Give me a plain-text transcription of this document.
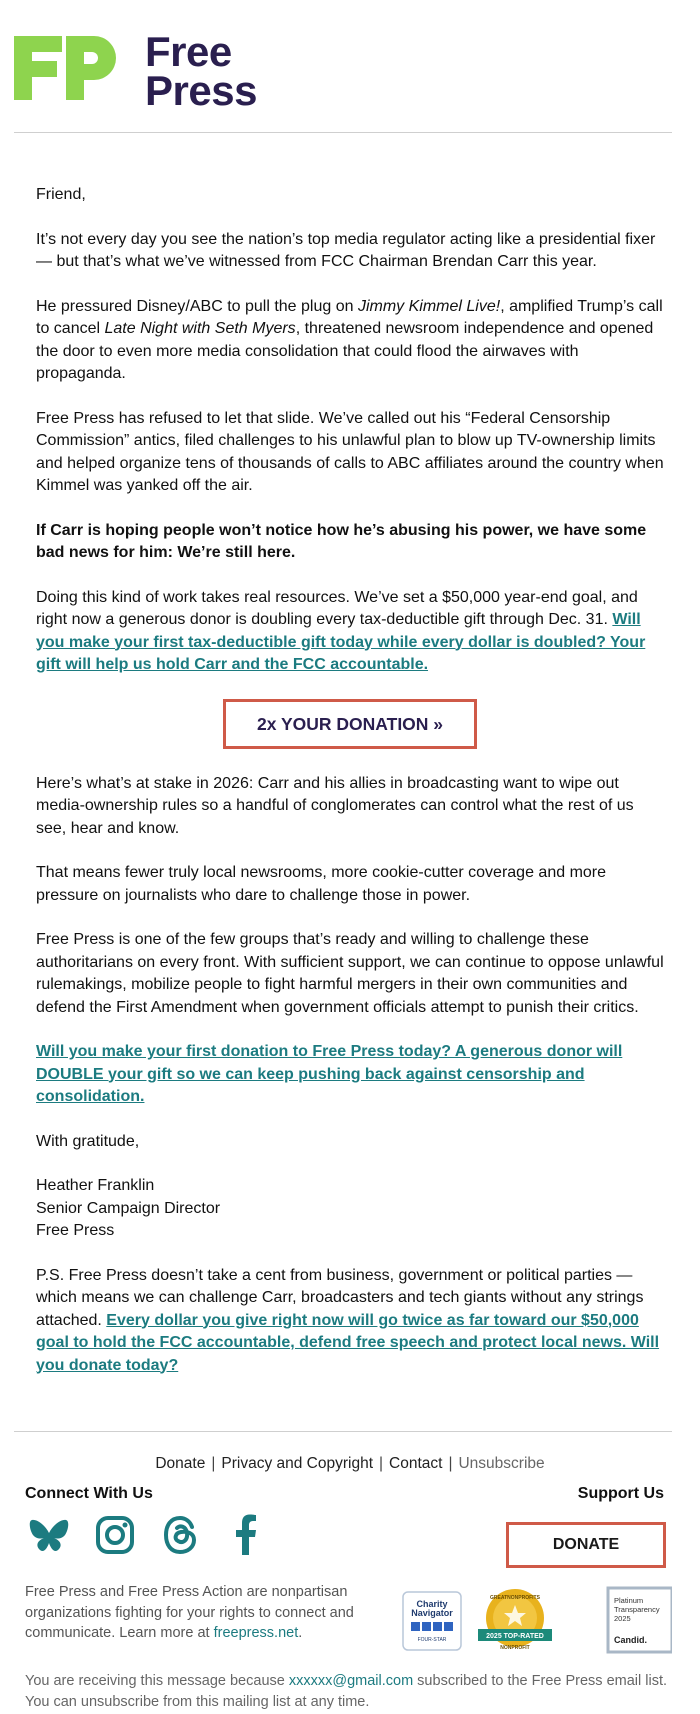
Free
Press

Friend,

It’s not every day you see the nation’s top media regulator acting like a presidential fixer — but that’s what we’ve witnessed from FCC Chairman Brendan Carr this year.

He pressured Disney/ABC to pull the plug on Jimmy Kimmel Live!, amplified Trump’s call to cancel Late Night with Seth Myers, threatened newsroom independence and opened the door to even more media consolidation that could flood the airwaves with propaganda.

Free Press has refused to let that slide. We’ve called out his “Federal Censorship Commission” antics, filed challenges to his unlawful plan to blow up TV-ownership limits and helped organize tens of thousands of calls to ABC affiliates around the country when Kimmel was yanked off the air.

If Carr is hoping people won’t notice how he’s abusing his power, we have some bad news for him: We’re still here.

Doing this kind of work takes real resources. We’ve set a $50,000 year-end goal, and right now a generous donor is doubling every tax-deductible gift through Dec. 31. Will you make your first tax-deductible gift today while every dollar is doubled? Your gift will help us hold Carr and the FCC accountable.

2x YOUR DONATION »

Here’s what’s at stake in 2026: Carr and his allies in broadcasting want to wipe out media-ownership rules so a handful of conglomerates can control what the rest of us see, hear and know.

That means fewer truly local newsrooms, more cookie-cutter coverage and more pressure on journalists who dare to challenge those in power.

Free Press is one of the few groups that’s ready and willing to challenge these authoritarians on every front. With sufficient support, we can continue to oppose unlawful rulemakings, mobilize people to fight harmful mergers in their own communities and defend the First Amendment when government officials attempt to punish their critics.

Will you make your first donation to Free Press today? A generous donor will DOUBLE your gift so we can keep pushing back against censorship and consolidation.

With gratitude,

Heather Franklin
Senior Campaign Director
Free Press

P.S. Free Press doesn’t take a cent from business, government or political parties — which means we can challenge Carr, broadcasters and tech giants without any strings attached. Every dollar you give right now will go twice as far toward our $50,000 goal to hold the FCC accountable, defend free speech and protect local news. Will you donate today?

Donate | Privacy and Copyright | Contact | Unsubscribe
Connect With Us	Support Us
DONATE
Free Press and Free Press Action are nonpartisan organizations fighting for your rights to connect and communicate. Learn more at freepress.net.
Charity
Navigator
FOUR-STAR
GREATNONPROFITS
2025 TOP-RATED
NONPROFIT
Platinum
Transparency
2025
Candid.
You are receiving this message because xxxxxx@gmail.com subscribed to the Free Press email list. You can unsubscribe from this mailing list at any time.
